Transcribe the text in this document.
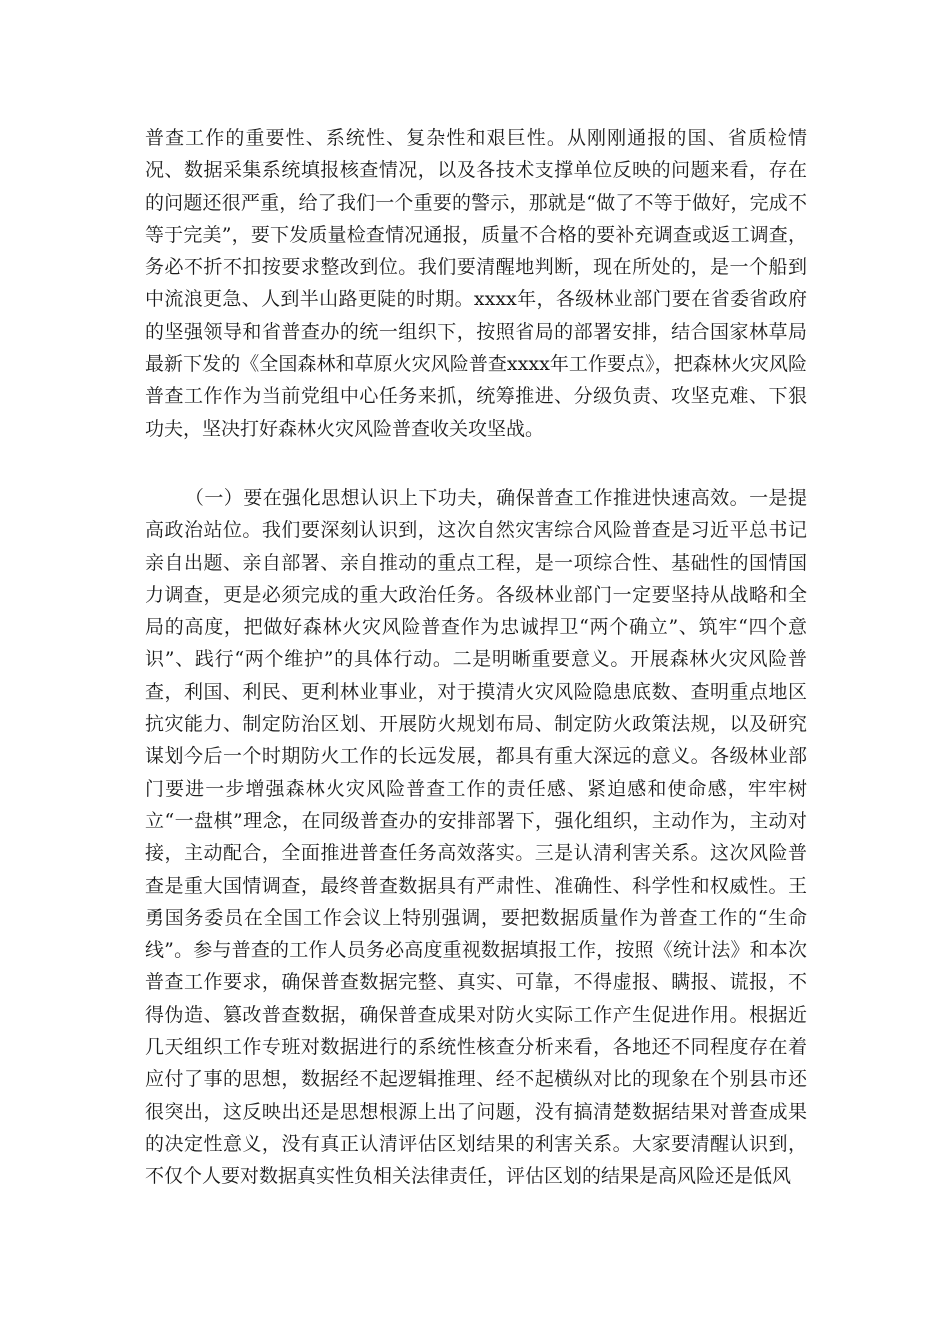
普查工作的重要性、系统性、复杂性和艰巨性。从刚刚通报的国、省质检情况、数据采集系统填报核查情况，以及各技术支撑单位反映的问题来看，存在的问题还很严重，给了我们一个重要的警示，那就是“做了不等于做好，完成不等于完美”，要下发质量检查情况通报，质量不合格的要补充调查或返工调查，务必不折不扣按要求整改到位。我们要清醒地判断，现在所处的，是一个船到中流浪更急、人到半山路更陡的时期。xxxx年，各级林业部门要在省委省政府的坚强领导和省普查办的统一组织下，按照省局的部署安排，结合国家林草局最新下发的《全国森林和草原火灾风险普查xxxx年工作要点》，把森林火灾风险普查工作作为当前党组中心任务来抓，统筹推进、分级负责、攻坚克难、下狠功夫，坚决打好森林火灾风险普查收关攻坚战。

（一）要在强化思想认识上下功夫，确保普查工作推进快速高效。一是提高政治站位。我们要深刻认识到，这次自然灾害综合风险普查是习近平总书记亲自出题、亲自部署、亲自推动的重点工程，是一项综合性、基础性的国情国力调查，更是必须完成的重大政治任务。各级林业部门一定要坚持从战略和全局的高度，把做好森林火灾风险普查作为忠诚捍卫“两个确立”、筑牢“四个意识”、践行“两个维护”的具体行动。二是明晰重要意义。开展森林火灾风险普查，利国、利民、更利林业事业，对于摸清火灾风险隐患底数、查明重点地区抗灾能力、制定防治区划、开展防火规划布局、制定防火政策法规，以及研究谋划今后一个时期防火工作的长远发展，都具有重大深远的意义。各级林业部门要进一步增强森林火灾风险普查工作的责任感、紧迫感和使命感，牢牢树立“一盘棋”理念，在同级普查办的安排部署下，强化组织，主动作为，主动对接，主动配合，全面推进普查任务高效落实。三是认清利害关系。这次风险普查是重大国情调查，最终普查数据具有严肃性、准确性、科学性和权威性。王勇国务委员在全国工作会议上特别强调，要把数据质量作为普查工作的“生命线”。参与普查的工作人员务必高度重视数据填报工作，按照《统计法》和本次普查工作要求，确保普查数据完整、真实、可靠，不得虚报、瞒报、谎报，不得伪造、篡改普查数据，确保普查成果对防火实际工作产生促进作用。根据近几天组织工作专班对数据进行的系统性核查分析来看，各地还不同程度存在着应付了事的思想，数据经不起逻辑推理、经不起横纵对比的现象在个别县市还很突出，这反映出还是思想根源上出了问题，没有搞清楚数据结果对普查成果的决定性意义，没有真正认清评估区划结果的利害关系。大家要清醒认识到，不仅个人要对数据真实性负相关法律责任，评估区划的结果是高风险还是低风
